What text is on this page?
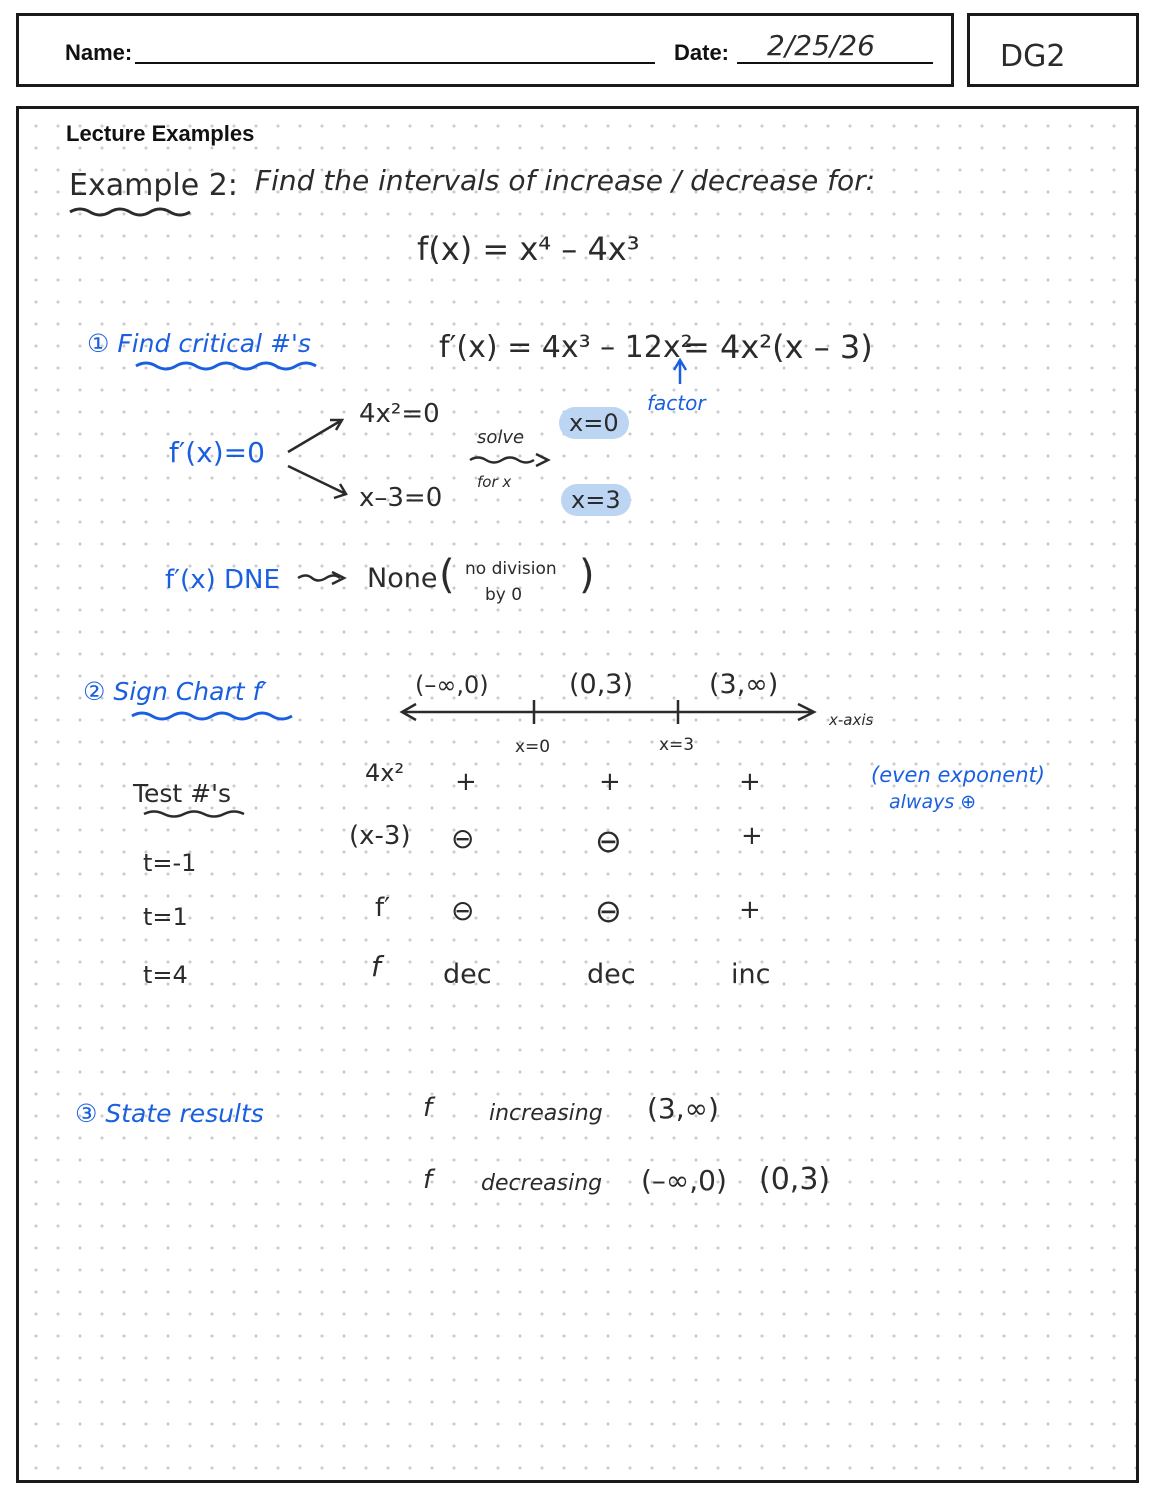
Name:	Date: 2/25/26	DG2
Lecture Examples
Example 2: Find the intervals of increase / decrease for:
f(x) = x⁴ – 4x³
① Find critical #'s	f′(x) = 4x³ – 12x²
= 4x²(x – 3)
factor
f′(x)=0
4x²=0
x–3=0
solve
for x
x=0
x=3
f′(x) DNE	None ( no division
by 0 )
② Sign Chart f′	(–∞,0)	(0,3)	(3,∞)
x=0	x=3
x-axis
Test #'s
t=-1
t=1
t=4
4x² +	+	+
(x-3) ⊖	⊖	+
f′ ⊖	⊖	+
f dec	dec	inc
(even exponent)
always ⊕
③ State results	f	increasing (3,∞)
f decreasing (–∞,0) (0,3)
